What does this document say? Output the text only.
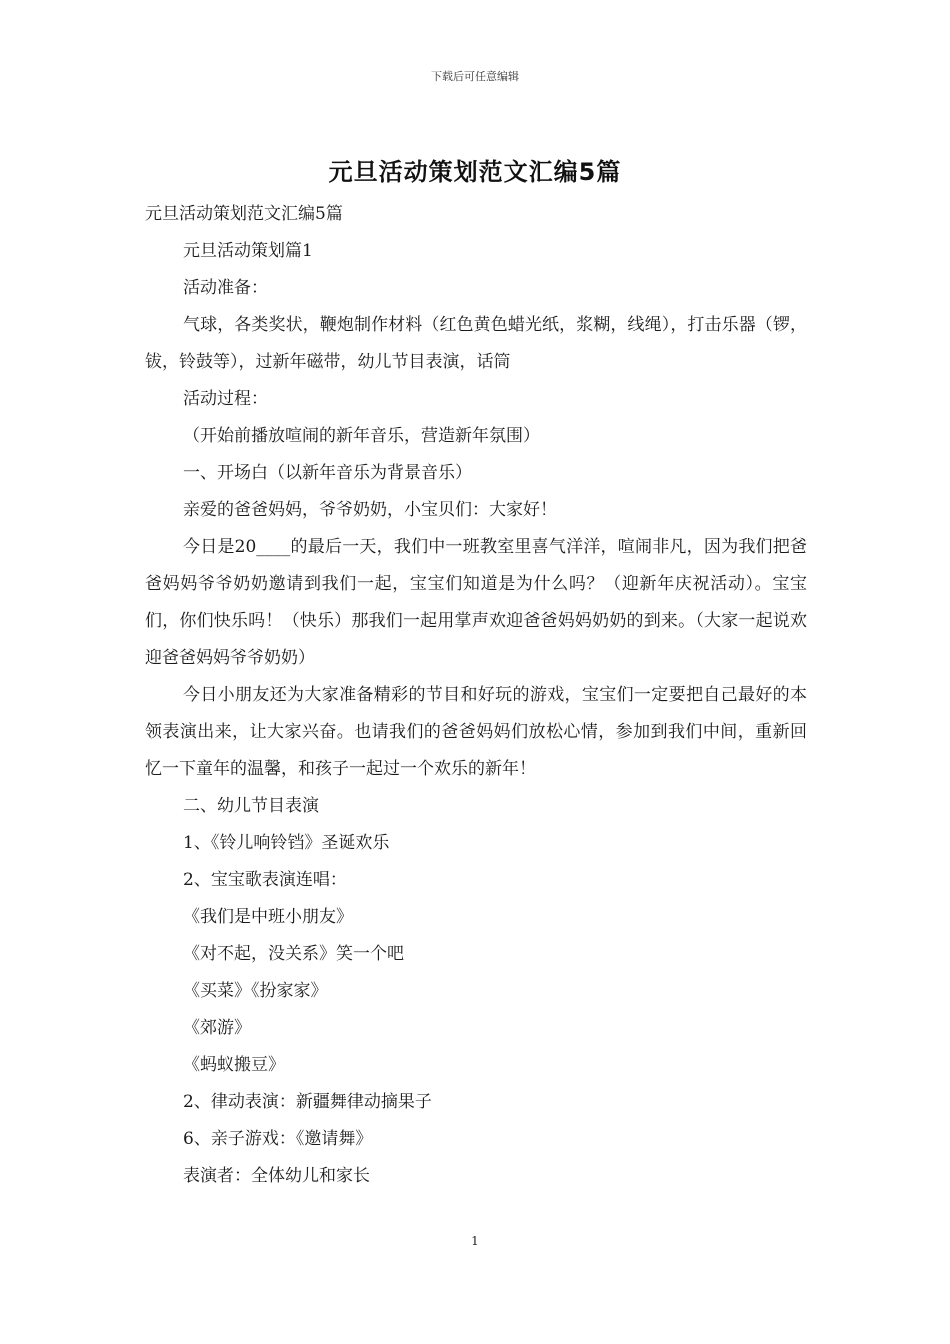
下载后可任意编辑
元旦活动策划范文汇编5篇

元旦活动策划范文汇编5篇

元旦活动策划篇1

活动准备：

气球，各类奖状，鞭炮制作材料（红色黄色蜡光纸，浆糊，线绳），打击乐器（锣，钹，铃鼓等），过新年磁带，幼儿节目表演，话筒

活动过程：

（开始前播放喧闹的新年音乐，营造新年氛围）

一、开场白（以新年音乐为背景音乐）

亲爱的爸爸妈妈，爷爷奶奶，小宝贝们：大家好！

今日是20____的最后一天，我们中一班教室里喜气洋洋，喧闹非凡，因为我们把爸爸妈妈爷爷奶奶邀请到我们一起，宝宝们知道是为什么吗？（迎新年庆祝活动）。宝宝们，你们快乐吗！（快乐）那我们一起用掌声欢迎爸爸妈妈奶奶的到来。（大家一起说欢迎爸爸妈妈爷爷奶奶）

今日小朋友还为大家准备精彩的节目和好玩的游戏，宝宝们一定要把自己最好的本领表演出来，让大家兴奋。也请我们的爸爸妈妈们放松心情，参加到我们中间，重新回忆一下童年的温馨，和孩子一起过一个欢乐的新年！

二、幼儿节目表演

1、《铃儿响铃铛》圣诞欢乐

2、宝宝歌表演连唱：

《我们是中班小朋友》

《对不起，没关系》笑一个吧

《买菜》《扮家家》

《郊游》

《蚂蚁搬豆》

2、律动表演：新疆舞律动摘果子

6、亲子游戏：《邀请舞》

表演者：全体幼儿和家长

1
